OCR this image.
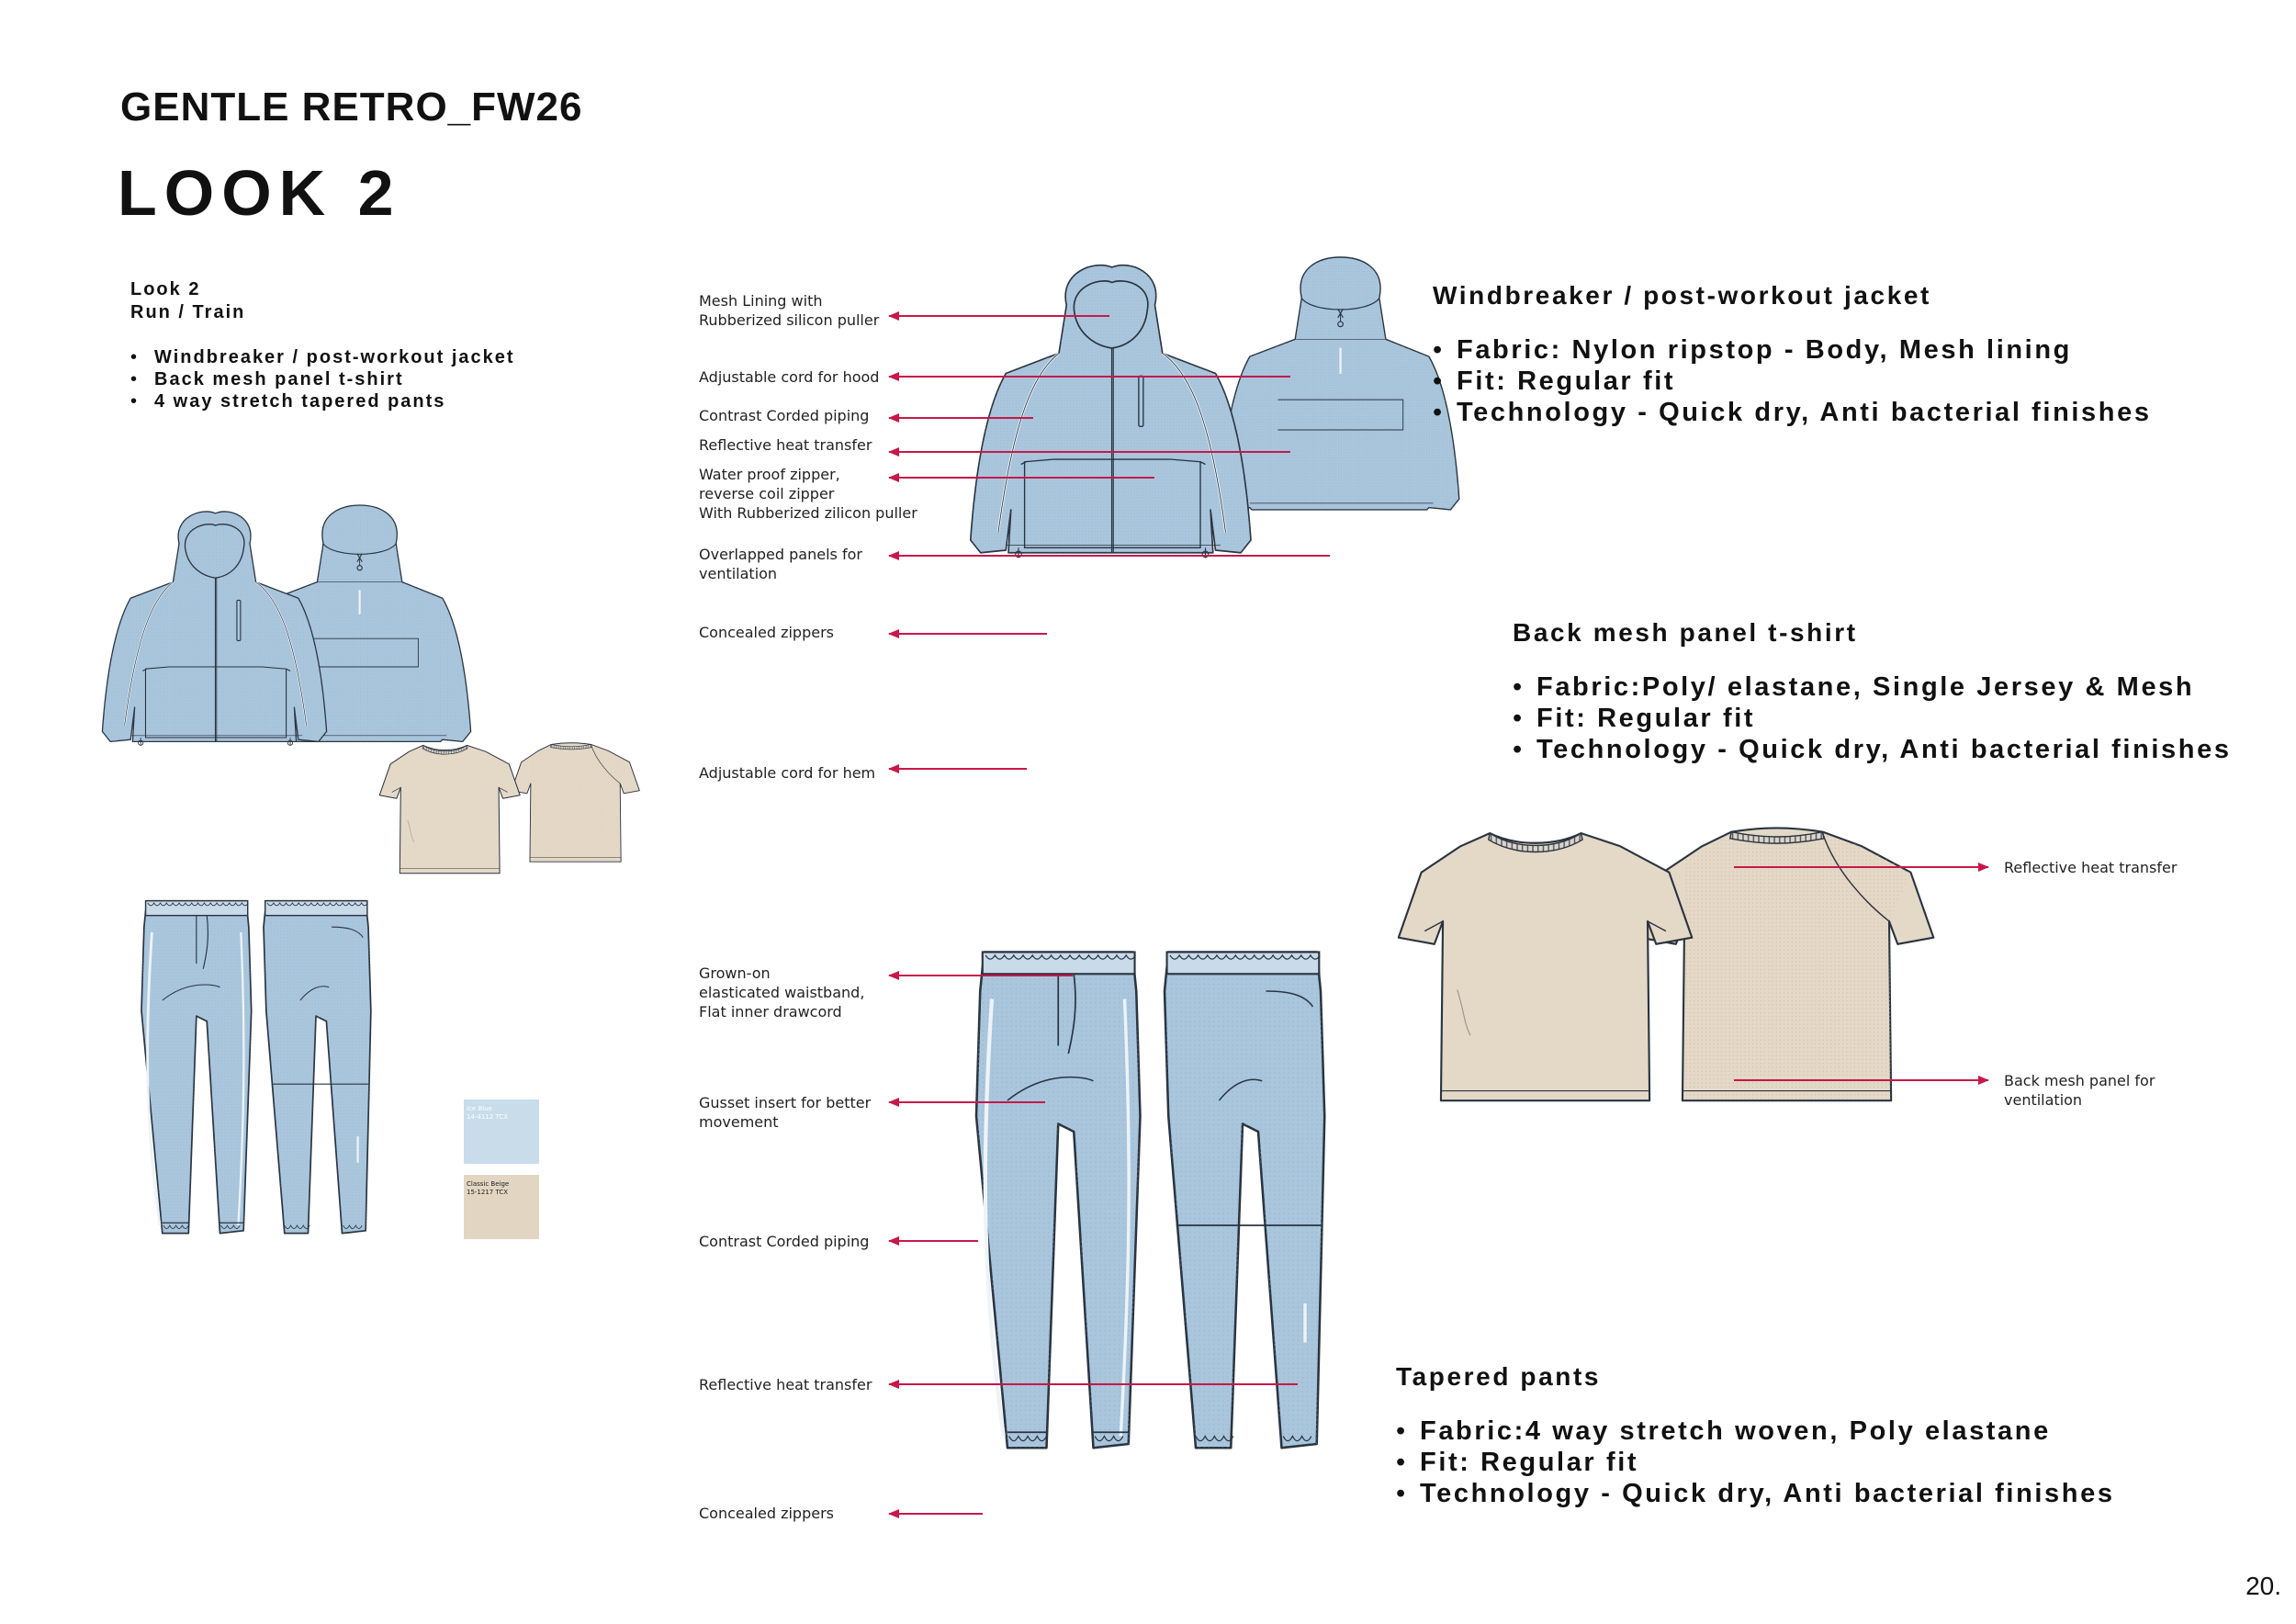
GENTLE RETRO_FW26
LOOK 2
Look 2
Run / Train
• Windbreaker / post-workout jacket
• Back mesh panel t-shirt
• 4 way stretch tapered pants
Ice Blue
14-4112 TCX
Classic Beige
15-1217 TCX
Mesh Lining with
Rubberized silicon puller
Adjustable cord for hood
Contrast Corded piping
Reflective heat transfer
Water proof zipper,
reverse coil zipper
With Rubberized zilicon puller
Overlapped panels for
ventilation
Concealed zippers
Adjustable cord for hem
Grown-on
elasticated waistband,
Flat inner drawcord
Gusset insert for better
movement
Contrast Corded piping
Reflective heat transfer
Concealed zippers
Reflective heat transfer
Back mesh panel for
ventilation
Windbreaker / post-workout jacket
• Fabric: Nylon ripstop - Body, Mesh lining
• Fit: Regular fit
• Technology - Quick dry, Anti bacterial finishes
Back mesh panel t-shirt
• Fabric:Poly/ elastane, Single Jersey & Mesh
• Fit: Regular fit
• Technology - Quick dry, Anti bacterial finishes
Tapered pants
• Fabric:4 way stretch woven, Poly elastane
• Fit: Regular fit
• Technology - Quick dry, Anti bacterial finishes
20.
